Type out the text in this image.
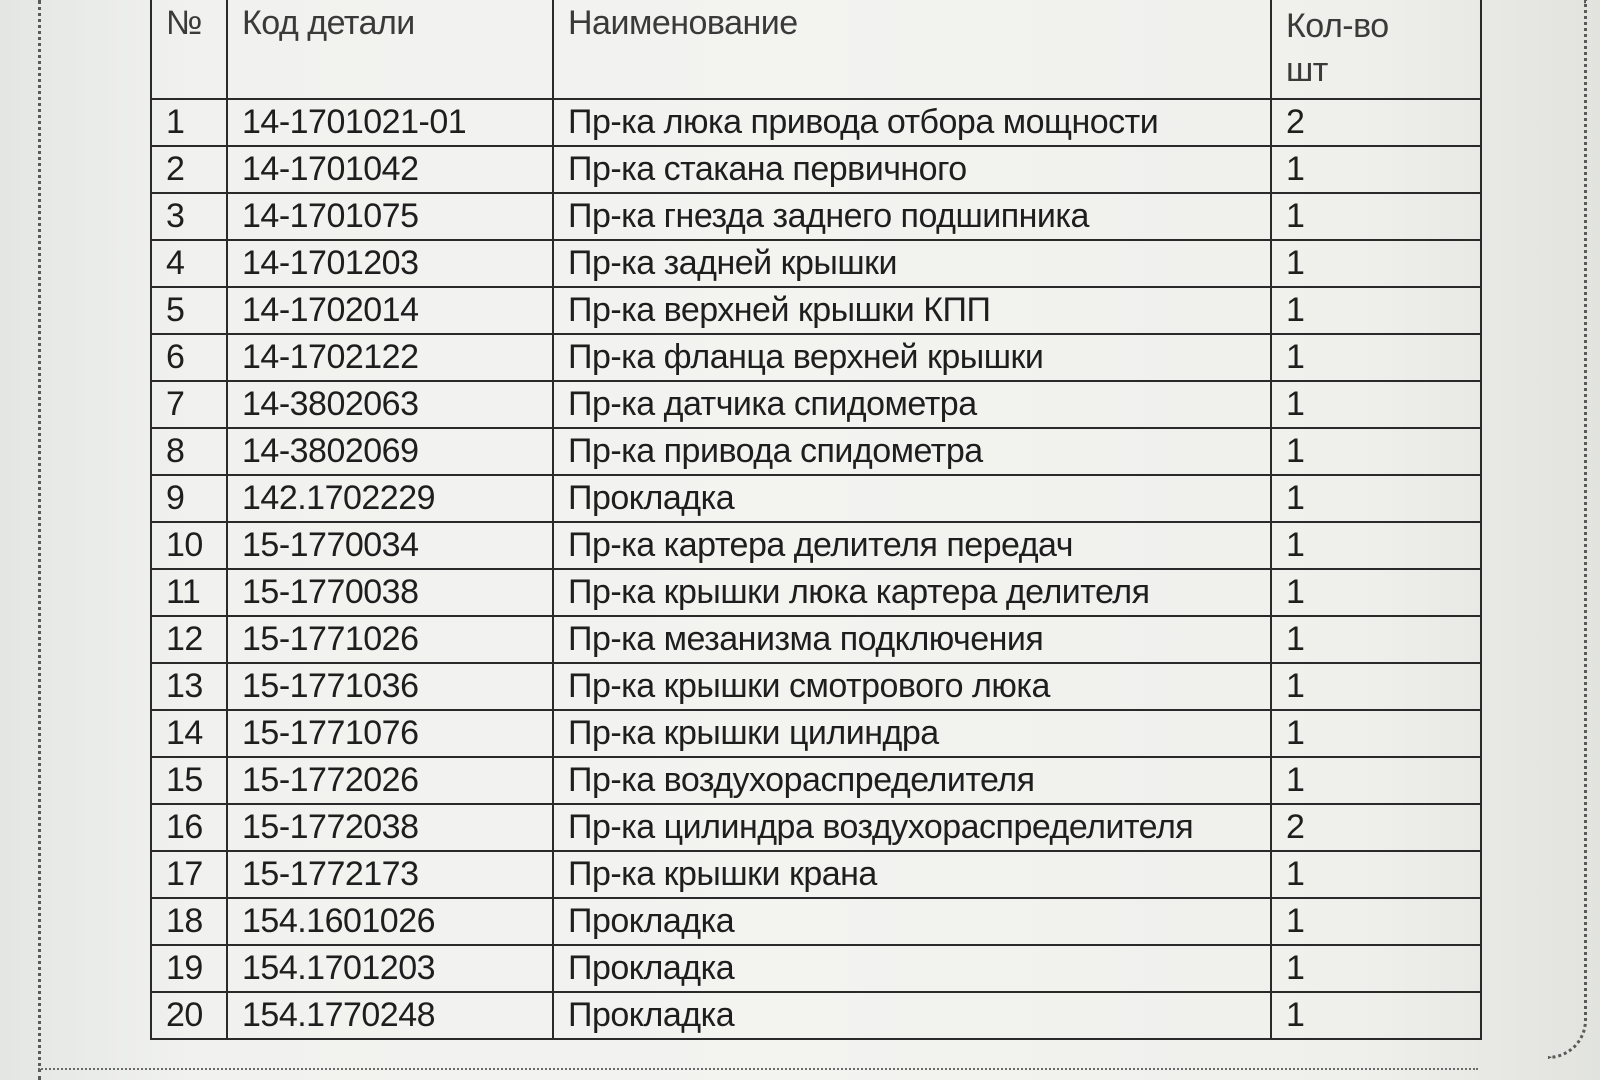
№	Код детали	Наименование	Кол-во
шт

1	14-1701021-01	Пр-ка люка привода отбора мощности	2
2	14-1701042	Пр-ка стакана первичного	1
3	14-1701075	Пр-ка гнезда заднего подшипника	1
4	14-1701203	Пр-ка задней крышки	1
5	14-1702014	Пр-ка верхней крышки КПП	1
6	14-1702122	Пр-ка фланца верхней крышки	1
7	14-3802063	Пр-ка датчика спидометра	1
8	14-3802069	Пр-ка привода спидометра	1
9	142.1702229	Прокладка	1
10	15-1770034	Пр-ка картера делителя передач	1
11	15-1770038	Пр-ка крышки люка картера делителя	1
12	15-1771026	Пр-ка мезанизма подключения	1
13	15-1771036	Пр-ка крышки смотрового люка	1
14	15-1771076	Пр-ка крышки цилиндра	1
15	15-1772026	Пр-ка воздухораспределителя	1
16	15-1772038	Пр-ка цилиндра воздухораспределителя	2
17	15-1772173	Пр-ка крышки крана	1
18	154.1601026	Прокладка	1
19	154.1701203	Прокладка	1
20	154.1770248	Прокладка	1
